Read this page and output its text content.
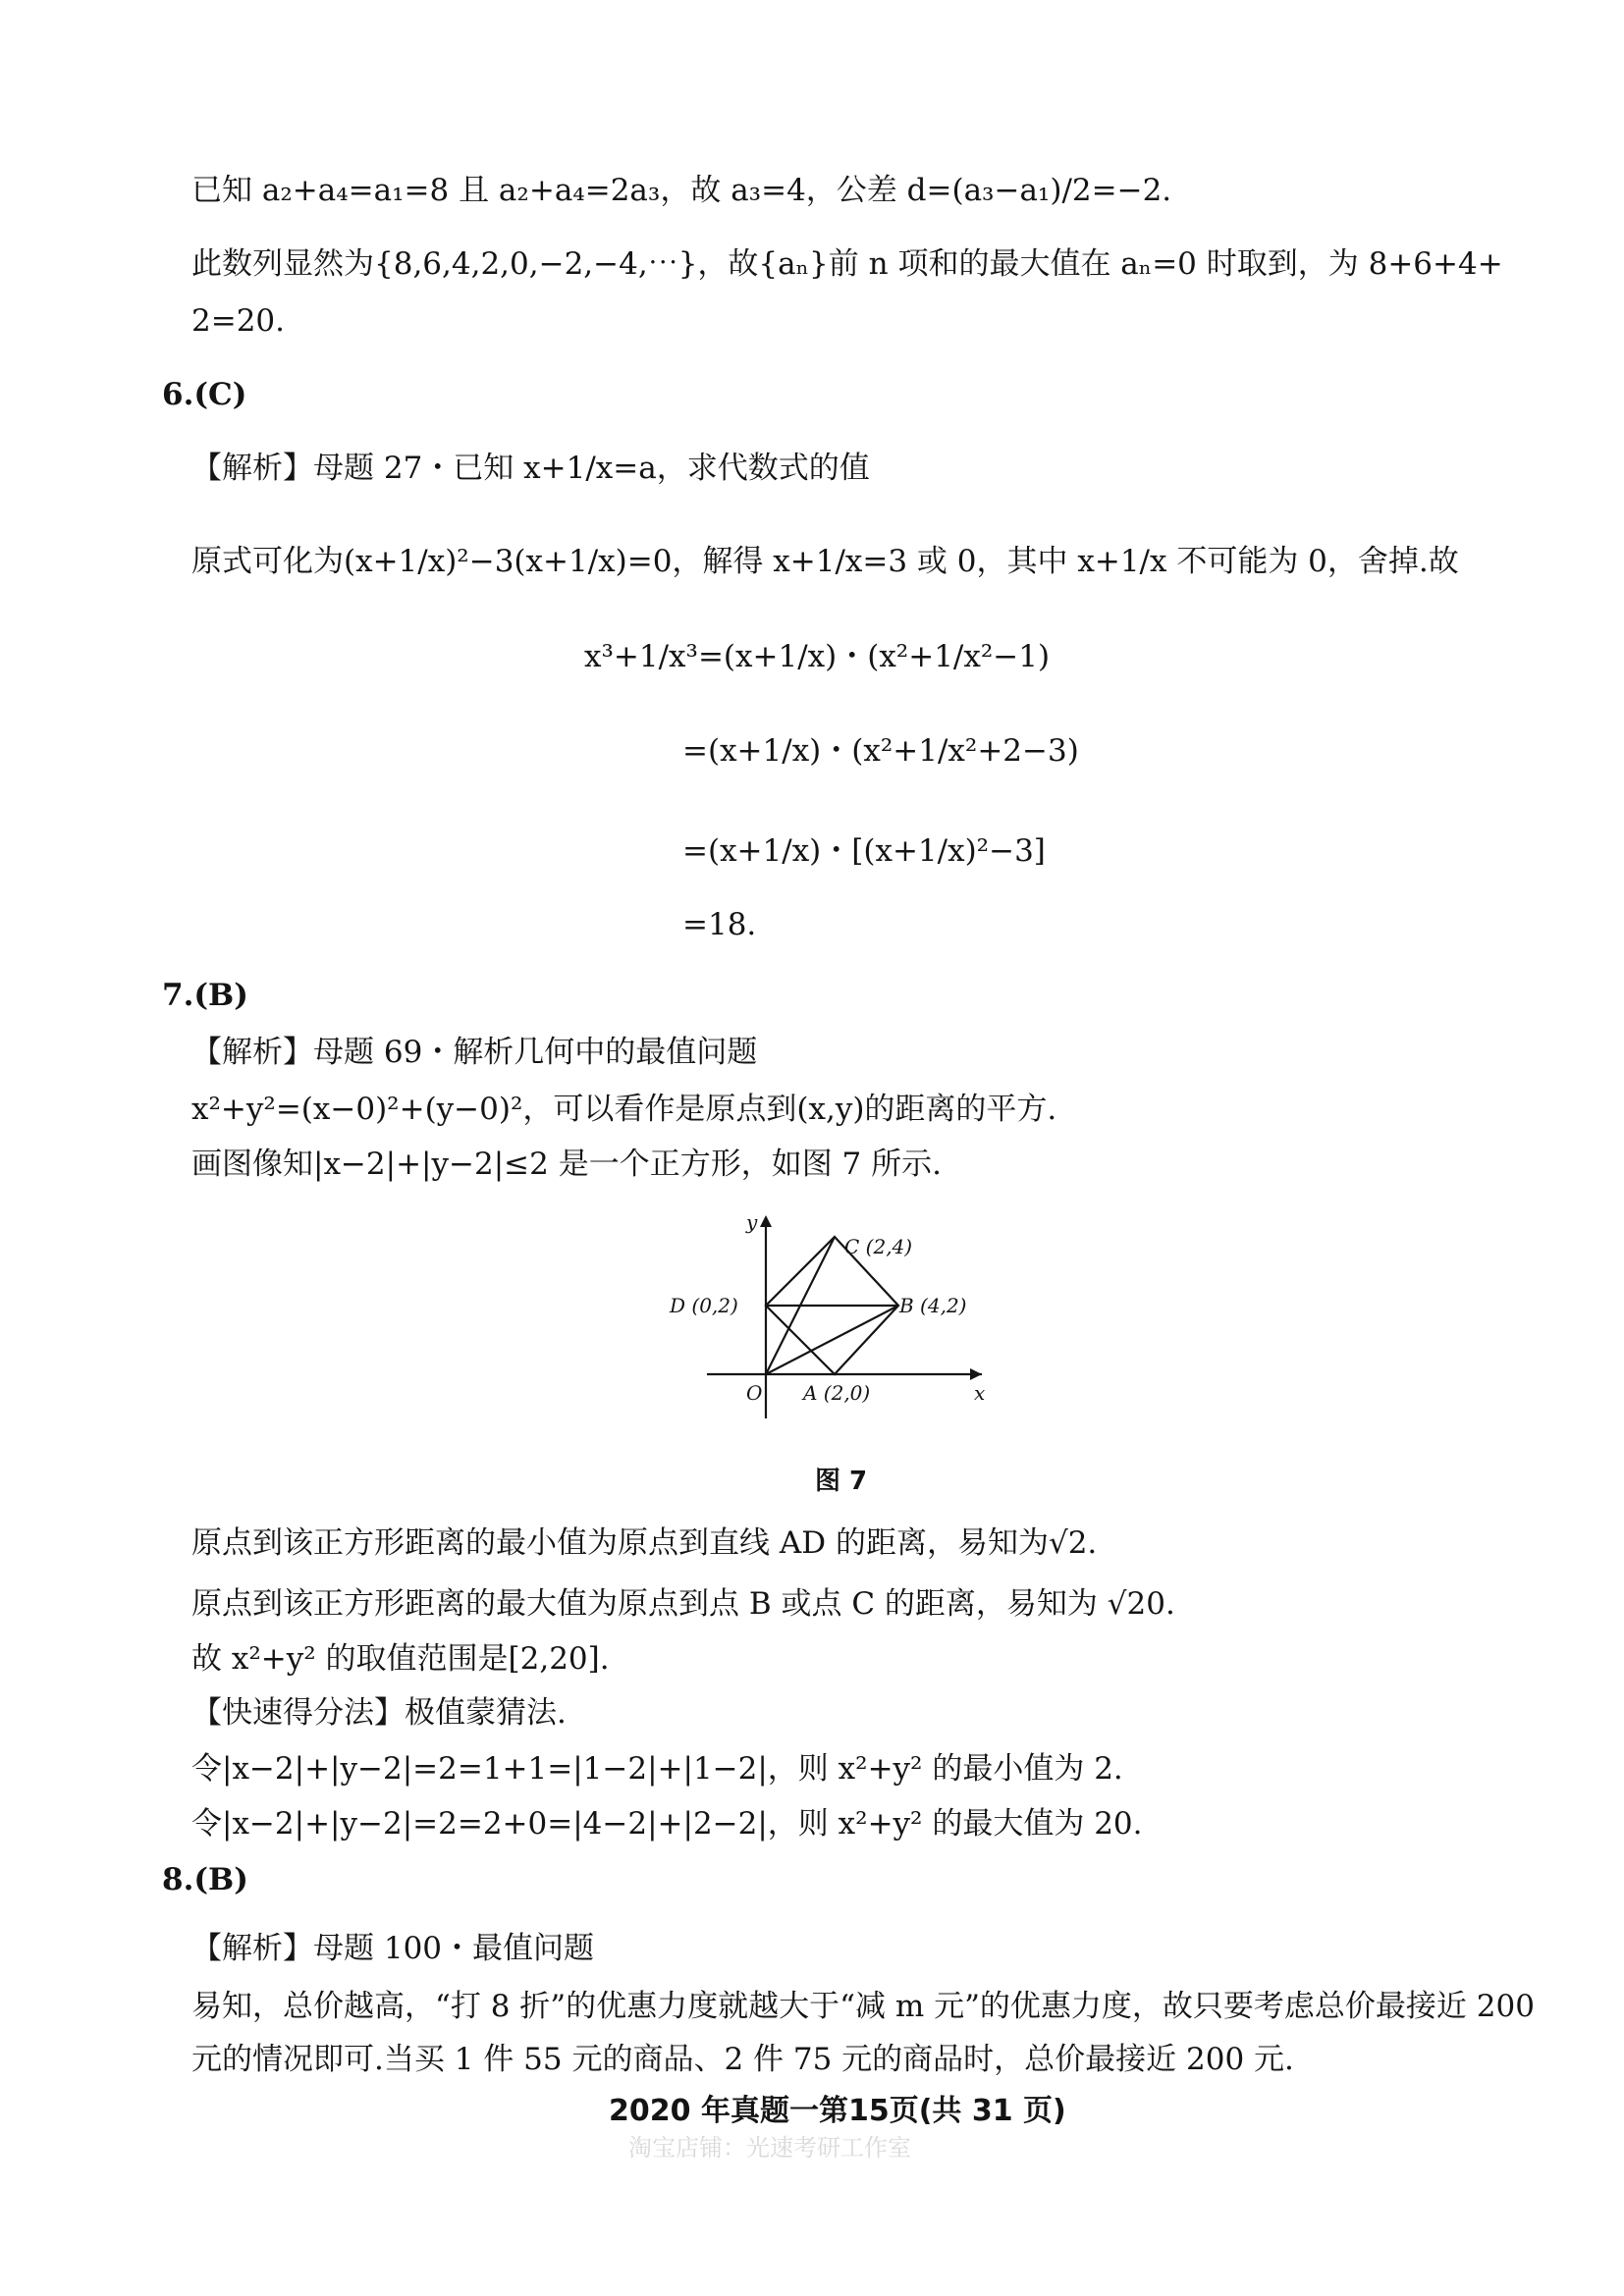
已知 a₂+a₄=a₁=8 且 a₂+a₄=2a₃，故 a₃=4，公差 d=(a₃−a₁)/2=−2.
此数列显然为{8,6,4,2,0,−2,−4,⋯}，故{aₙ}前 n 项和的最大值在 aₙ=0 时取到，为 8+6+4+
2=20.
6.(C)
【解析】母题 27・已知 x+1/x=a，求代数式的值
原式可化为(x+1/x)²−3(x+1/x)=0，解得 x+1/x=3 或 0，其中 x+1/x 不可能为 0，舍掉.故
x³+1/x³=(x+1/x)・(x²+1/x²−1)
=(x+1/x)・(x²+1/x²+2−3)
=(x+1/x)・[(x+1/x)²−3]
=18.
7.(B)
【解析】母题 69・解析几何中的最值问题
x²+y²=(x−0)²+(y−0)²，可以看作是原点到(x,y)的距离的平方.
画图像知|x−2|+|y−2|≤2 是一个正方形，如图 7 所示.
x
y
O A (2,0)
B (4,2)
C (2,4)
D (0,2)
图 7
原点到该正方形距离的最小值为原点到直线 AD 的距离，易知为√2.
原点到该正方形距离的最大值为原点到点 B 或点 C 的距离，易知为 √20.
故 x²+y² 的取值范围是[2,20].
【快速得分法】极值蒙猜法.
令|x−2|+|y−2|=2=1+1=|1−2|+|1−2|，则 x²+y² 的最小值为 2.
令|x−2|+|y−2|=2=2+0=|4−2|+|2−2|，则 x²+y² 的最大值为 20.
8.(B)
【解析】母题 100・最值问题
易知，总价越高，“打 8 折”的优惠力度就越大于“减 m 元”的优惠力度，故只要考虑总价最接近 200
元的情况即可.当买 1 件 55 元的商品、2 件 75 元的商品时，总价最接近 200 元.
2020 年真题一第15页(共 31 页)
淘宝店铺：光速考研工作室
